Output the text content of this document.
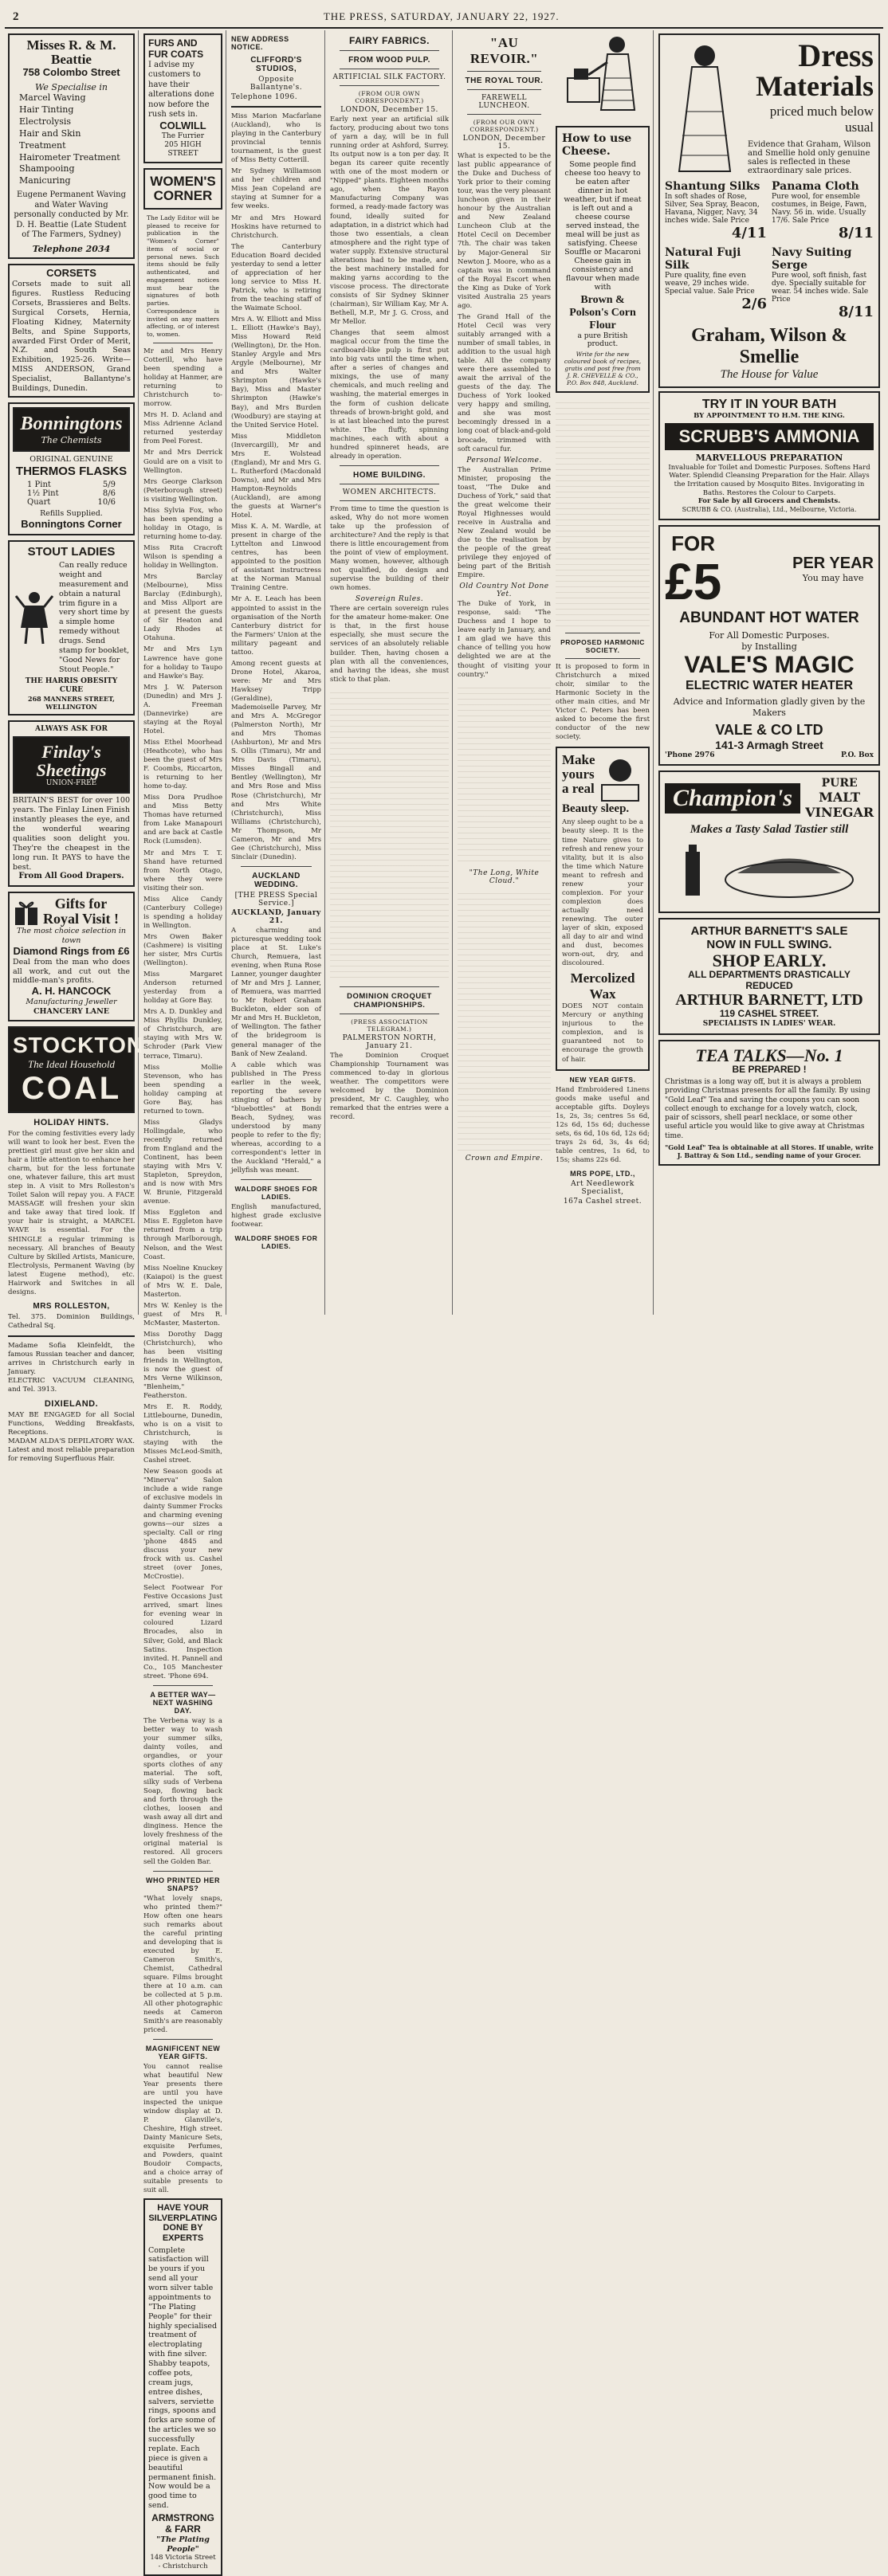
2	THE PRESS, SATURDAY, JANUARY 22, 1927.
Misses R. & M. Beattie
758 Colombo Street

We Specialise in

Marcel Waving

Hair Tinting

Electrolysis

Hair and Skin Treatment

Hairometer Treatment

Shampooing

Manicuring

Eugene Permanent Waving and Water Waving personally conducted by Mr. D. H. Beattie (Late Student of The Farmers, Sydney)

Telephone 2034

CORSETS

Corsets made to suit all figures. Rustless Reducing Corsets, Brassieres and Belts. Surgical Corsets, Hernia, Floating Kidney, Maternity Belts, and Spine Supports, awarded First Order of Merit, N.Z. and South Seas Exhibition, 1925-26. Write— MISS ANDERSON, Grand Specialist, Ballantyne's Buildings, Dunedin.

Bonningtons
The Chemists

ORIGINAL GENUINE

THERMOS FLASKS
1 Pint	5/9
1½ Pint	8/6
Quart	10/6

Refills Supplied.

Bonningtons Corner
STOUT LADIES

Can really reduce weight and measurement and obtain a natural trim figure in a very short time by a simple home remedy without drugs. Send stamp for booklet, "Good News for Stout People."

THE HARRIS OBESITY CURE

268 MANNERS STREET, WELLINGTON

ALWAYS ASK FOR

Finlay's Sheetings
UNION-FREE

BRITAIN'S BEST for over 100 years. The Finlay Linen Finish instantly pleases the eye, and the wonderful wearing qualities soon delight you. They're the cheapest in the long run. It PAYS to have the best.

From All Good Drapers.

Gifts for
Royal Visit !

The most choice selection in town

Diamond Rings from £6

Deal from the man who does all work, and cut out the middle-man's profits.

A. H. HANCOCK

Manufacturing Jeweller

CHANCERY LANE

STOCKTON
The Ideal Household
COAL
HOLIDAY HINTS.

For the coming festivities every lady will want to look her best. Even the prettiest girl must give her skin and hair a little attention to enhance her charm, but for the less fortunate one, whatever failure, this art must step in. A visit to Mrs Rolleston's Toilet Salon will repay you. A FACE MASSAGE will freshen your skin and take away that tired look. If your hair is straight, a MARCEL WAVE is essential. For the SHINGLE a regular trimming is necessary. All branches of Beauty Culture by Skilled Artists, Manicure, Electrolysis, Permanent Waving (by latest Eugene method), etc. Hairwork and Switches in all designs.

MRS ROLLESTON,

Tel. 375. Dominion Buildings, Cathedral Sq.

Madame Sofia Kleinfeldt, the famous Russian teacher and dancer, arrives in Christchurch early in January.

ELECTRIC VACUUM CLEANING, and Tel. 3913.

DIXIELAND.

MAY BE ENGAGED for all Social Functions, Wedding Breakfasts, Receptions.

MADAM ALDA'S DEPILATORY WAX. Latest and most reliable preparation for removing Superfluous Hair.

FURS AND FUR COATS

I advise my customers to have their alterations done now before the rush sets in.

COLWILL

The Furrier

205 HIGH STREET

WOMEN'S CORNER

The Lady Editor will be pleased to receive for publication in the "Women's Corner" items of social or personal news. Such items should be fully authenticated, and engagement notices must bear the signatures of both parties. Correspondence is invited on any matters affecting, or of interest to, women.

Mr and Mrs Henry Cotterill, who have been spending a holiday at Hanmer, are returning to Christchurch to-morrow.

Mrs H. D. Acland and Miss Adrienne Acland returned yesterday from Peel Forest.

Mr and Mrs Derrick Gould are on a visit to Wellington.

Mrs George Clarkson (Peterborough street) is visiting Wellington.

Miss Sylvia Fox, who has been spending a holiday in Otago, is returning home to-day.

Miss Rita Cracroft Wilson is spending a holiday in Wellington.

Mrs Barclay (Melbourne), Miss Barclay (Edinburgh), and Miss Allport are at present the guests of Sir Heaton and Lady Rhodes at Otahuna.

Mr and Mrs Lyn Lawrence have gone for a holiday to Taupo and Hawke's Bay.

Mrs J. W. Paterson (Dunedin) and Mrs J. A. Freeman (Dannevirke) are staying at the Royal Hotel.

Miss Ethel Moorhead (Heathcote), who has been the guest of Mrs F. Coombs, Riccarton, is returning to her home to-day.

Miss Dora Prudhoe and Miss Betty Thomas have returned from Lake Manapouri and are back at Castle Rock (Lumsden).

Mr and Mrs T. T. Shand have returned from North Otago, where they were visiting their son.

Miss Alice Candy (Canterbury College) is spending a holiday in Wellington.

Mrs Owen Baker (Cashmere) is visiting her sister, Mrs Curtis (Wellington).

Miss Margaret Anderson returned yesterday from a holiday at Gore Bay.

Mrs A. D. Dunkley and Miss Phyllis Dunkley, of Christchurch, are staying with Mrs W. Schroder (Park View terrace, Timaru).

Miss Mollie Stevenson, who has been spending a holiday camping at Gore Bay, has returned to town.

Miss Gladys Hollingdale, who recently returned from England and the Continent, has been staying with Mrs V. Stapleton, Spreydon, and is now with Mrs W. Brunie, Fitzgerald avenue.

Miss Eggleton and Miss E. Eggleton have returned from a trip through Marlborough, Nelson, and the West Coast.

Miss Noeline Knuckey (Kaiapoi) is the guest of Mrs W. E. Dale, Masterton.

Mrs W. Kenley is the guest of Mrs R. McMaster, Masterton.

Miss Dorothy Dagg (Christchurch), who has been visiting friends in Wellington, is now the guest of Mrs Verne Wilkinson, "Blenheim," Featherston.

Mrs E. R. Roddy, Littlebourne, Dunedin, who is on a visit to Christchurch, is staying with the Misses McLeod-Smith, Cashel street.

New Season goods at "Minerva" Salon include a wide range of exclusive models in dainty Summer Frocks and charming evening gowns—our sizes a specialty. Call or ring 'phone 4845 and discuss your new frock with us. Cashel street (over Jones, McCrostie).

Select Footwear For Festive Occasions Just arrived, smart lines for evening wear in coloured Lizard Brocades, also in Silver, Gold, and Black Satins. Inspection invited. H. Pannell and Co., 105 Manchester street. 'Phone 694.

A BETTER WAY—NEXT WASHING DAY.

The Verbena way is a better way to wash your summer silks, dainty voiles, and organdies, or your sports clothes of any material. The soft, silky suds of Verbena Soap, flowing back and forth through the clothes, loosen and wash away all dirt and dinginess. Hence the lovely freshness of the original material is restored. All grocers sell the Golden Bar.

WHO PRINTED HER SNAPS?

"What lovely snaps, who printed them?" How often one hears such remarks about the careful printing and developing that is executed by E. Cameron Smith's, Chemist, Cathedral square. Films brought there at 10 a.m. can be collected at 5 p.m. All other photographic needs at Cameron Smith's are reasonably priced.

MAGNIFICENT NEW YEAR GIFTS.

You cannot realise what beautiful New Year presents there are until you have inspected the unique window display at D. P. Glanville's, Cheshire, High street. Dainty Manicure Sets, exquisite Perfumes, and Powders, quaint Boudoir Compacts, and a choice array of suitable presents to suit all.

HAVE YOUR SILVERPLATING DONE BY EXPERTS

Complete satisfaction will be yours if you send all your worn silver table appointments to "The Plating People" for their highly specialised treatment of electroplating with fine silver. Shabby teapots, coffee pots, cream jugs, entree dishes, salvers, serviette rings, spoons and forks are some of the articles we so successfully replate. Each piece is given a beautiful permanent finish. Now would be a good time to send.

ARMSTRONG & FARR

"The Plating People"

148 Victoria Street - Christchurch

NEW ADDRESS NOTICE.

CLIFFORD'S STUDIOS,

Opposite Ballantyne's.

Telephone 1096.

Miss Marion Macfarlane (Auckland), who is playing in the Canterbury provincial tennis tournament, is the guest of Miss Betty Cotterill.

Mr Sydney Williamson and her children and Miss Jean Copeland are staying at Sumner for a few weeks.

Mr and Mrs Howard Hoskins have returned to Christchurch.

The Canterbury Education Board decided yesterday to send a letter of appreciation of her long service to Miss H. Patrick, who is retiring from the teaching staff of the Waimate School.

Mrs A. W. Elliott and Miss L. Elliott (Hawke's Bay), Miss Howard Reid (Wellington), Dr. the Hon. Stanley Argyle and Mrs Argyle (Melbourne), Mr and Mrs Walter Shrimpton (Hawke's Bay), Miss and Master Shrimpton (Hawke's Bay), and Mrs Burden (Woodbury) are staying at the United Service Hotel.

Miss Middleton (Invercargill), Mr and Mrs E. Wolstead (England), Mr and Mrs G. L. Rutherford (Macdonald Downs), and Mr and Mrs Hampton-Reynolds (Auckland), are among the guests at Warner's Hotel.

Miss K. A. M. Wardle, at present in charge of the Lyttelton and Linwood centres, has been appointed to the position of assistant instructress at the Norman Manual Training Centre.

Mr A. E. Leach has been appointed to assist in the organisation of the North Canterbury district for the Farmers' Union at the military pageant and tattoo.

Among recent guests at Drone Hotel, Akaroa, were: Mr and Mrs Hawksey Tripp (Geraldine), Mademoiselle Parvey, Mr and Mrs A. McGregor (Palmerston North), Mr and Mrs Thomas (Ashburton), Mr and Mrs S. Ollis (Timaru), Mr and Mrs Davis (Timaru), Misses Bingall and Bentley (Wellington), Mr and Mrs Rose and Miss Rose (Christchurch), Mr and Mrs White (Christchurch), Miss Williams (Christchurch), Mr Thompson, Mr Cameron, Mr and Mrs Gee (Christchurch), Miss Sinclair (Dunedin).

AUCKLAND WEDDING.

[THE PRESS Special Service.]

AUCKLAND, January 21.

A charming and picturesque wedding took place at St. Luke's Church, Remuera, last evening, when Runa Rose Lanner, younger daughter of Mr and Mrs J. Lanner, of Remuera, was married to Mr Robert Graham Buckleton, elder son of Mr and Mrs H. Buckleton, of Wellington. The father of the bridegroom is general manager of the Bank of New Zealand.

A cable which was published in The Press earlier in the week, reporting the severe stinging of bathers by "bluebottles" at Bondi Beach, Sydney, was understood by many people to refer to the fly; whereas, according to a correspondent's letter in the Auckland "Herald," a jellyfish was meant.

WALDORF SHOES FOR LADIES.

English manufactured, highest grade exclusive footwear.

WALDORF SHOES FOR LADIES.

FAIRY FABRICS.

FROM WOOD PULP.

ARTIFICIAL SILK FACTORY.

(FROM OUR OWN CORRESPONDENT.)

LONDON, December 15.

Early next year an artificial silk factory, producing about two tons of yarn a day, will be in full running order at Ashford, Surrey. Its output now is a ton per day. It began its career quite recently with one of the most modern or "Nipped" plants. Eighteen months ago, when the Rayon Manufacturing Company was formed, a ready-made factory was found, ideally suited for adaptation, in a district which had those two essentials, a clean atmosphere and the right type of water supply. Extensive structural alterations had to be made, and the best machinery installed for making yarns according to the viscose process. The directorate consists of Sir Sydney Skinner (chairman), Sir William Kay, Mr A. Bethell, M.P., Mr J. G. Cross, and Mr Mellor.

Changes that seem almost magical occur from the time the cardboard-like pulp is first put into big vats until the time when, after a series of changes and mixings, the use of many chemicals, and much reeling and washing, the material emerges in the form of cushion delicate threads of brown-bright gold, and is at last bleached into the purest white. The fluffy, spinning machines, each with about a hundred spinneret heads, are already in operation.

HOME BUILDING.

WOMEN ARCHITECTS.

From time to time the question is asked, Why do not more women take up the profession of architecture? And the reply is that there is little encouragement from the point of view of employment. Many women, however, although not qualified, do design and supervise the building of their own homes.

Sovereign Rules.

There are certain sovereign rules for the amateur home-maker. One is that, in the first house especially, she must secure the services of an absolutely reliable builder. Then, having chosen a plan with all the conveniences, and having the ideas, she must stick to that plan.

DOMINION CROQUET CHAMPIONSHIPS.

(PRESS ASSOCIATION TELEGRAM.)

PALMERSTON NORTH, January 21.

The Dominion Croquet Championship Tournament was commenced to-day in glorious weather. The competitors were welcomed by the Dominion president, Mr C. Caughley, who remarked that the entries were a record.

"AU REVOIR."

THE ROYAL TOUR.

FAREWELL LUNCHEON.

(FROM OUR OWN CORRESPONDENT.)

LONDON, December 15.

What is expected to be the last public appearance of the Duke and Duchess of York prior to their coming tour, was the very pleasant luncheon given in their honour by the Australian and New Zealand Luncheon Club at the Hotel Cecil on December 7th. The chair was taken by Major-General Sir Newton J. Moore, who as a captain was in command of the Royal Escort when the King as Duke of York visited Australia 25 years ago.

The Grand Hall of the Hotel Cecil was very suitably arranged with a number of small tables, in addition to the usual high table. All the company were there assembled to await the arrival of the guests of the day. The Duchess of York looked very happy and smiling, and she was most becomingly dressed in a long coat of black-and-gold brocade, trimmed with soft caracul fur.

Personal Welcome.

The Australian Prime Minister, proposing the toast, "The Duke and Duchess of York," said that the great welcome their Royal Highnesses would receive in Australia and New Zealand would be due to the realisation by the people of the great privilege they enjoyed of being part of the British Empire.

Old Country Not Done Yet.

The Duke of York, in response, said: "The Duchess and I hope to leave early in January, and I am glad we have this chance of telling you how delighted we are at the thought of visiting your country."

"The Long, White Cloud."

Crown and Empire.

How to use Cheese.

Some people find cheese too heavy to be eaten after dinner in hot weather, but if meat is left out and a cheese course served instead, the meal will be just as satisfying. Cheese Souffle or Macaroni Cheese gain in consistency and flavour when made with

Brown & Polson's Corn Flour

a pure British product.

Write for the new coloured book of recipes, gratis and post free from J. R. CHEVELLE & CO., P.O. Box 848, Auckland.

PROPOSED HARMONIC SOCIETY.

It is proposed to form in Christchurch a mixed choir, similar to the Harmonic Society in the other main cities, and Mr Victor C. Peters has been asked to become the first conductor of the new society.

Make
yours
a real
Beauty sleep.

Any sleep ought to be a beauty sleep. It is the time Nature gives to refresh and renew your vitality, but it is also the time which Nature meant to refresh and renew your complexion. For your complexion does actually need renewing. The outer layer of skin, exposed all day to air and wind and dust, becomes worn-out, dry, and discoloured.

Mercolized Wax

DOES NOT contain Mercury or anything injurious to the complexion, and is guaranteed not to encourage the growth of hair.

NEW YEAR GIFTS.

Hand Embroidered Linens goods make useful and acceptable gifts. Doyleys 1s, 2s, 3s; centres 5s 6d, 12s 6d, 15s 6d; duchesse sets, 6s 6d, 10s 6d, 12s 6d; trays 2s 6d, 3s, 4s 6d; table centres, 1s 6d, to 15s; shams 22s 6d.

MRS POPE, LTD.,

Art Needlework Specialist,

167a Cashel street.

Dress
Materials
priced much below usual

Evidence that Graham, Wilson and Smellie hold only genuine sales is reflected in these extraordinary sale prices.

Shantung Silks

In soft shades of Rose, Silver, Sea Spray, Beacon, Havana, Nigger, Navy, 34 inches wide. Sale Price

4/11

Panama Cloth

Pure wool, for ensemble costumes, in Beige, Fawn, Navy. 56 in. wide. Usually 17/6. Sale Price

8/11

Natural Fuji Silk

Pure quality, fine even weave, 29 inches wide. Special value. Sale Price

2/6

Navy Suiting Serge

Pure wool, soft finish, fast dye. Specially suitable for wear. 54 inches wide. Sale Price

8/11

Graham, Wilson & Smellie
The House for Value
TRY IT IN YOUR BATH

BY APPOINTMENT TO H.M. THE KING.

SCRUBB'S AMMONIA

MARVELLOUS PREPARATION

Invaluable for Toilet and Domestic Purposes. Softens Hard Water. Splendid Cleansing Preparation for the Hair. Allays the Irritation caused by Mosquito Bites. Invigorating in Baths. Restores the Colour to Carpets.

For Sale by all Grocers and Chemists.

SCRUBB & CO. (Australia), Ltd., Melbourne, Victoria.

FOR
£5	PER YEAR
You may have
ABUNDANT HOT WATER

For All Domestic Purposes.

by Installing

VALE'S MAGIC
ELECTRIC WATER HEATER

Advice and Information gladly given by the Makers

VALE & CO LTD
141-3 Armagh Street
'Phone 2976	P.O. Box
Champion's
PURE
MALT VINEGAR
Makes a Tasty Salad Tastier still
ARTHUR BARNETT'S SALE
NOW IN FULL SWING.
SHOP EARLY.
ALL DEPARTMENTS DRASTICALLY REDUCED
ARTHUR BARNETT, LTD
119 CASHEL STREET.

SPECIALISTS IN LADIES' WEAR.

TEA TALKS—No. 1
BE PREPARED !

Christmas is a long way off, but it is always a problem providing Christmas presents for all the family. By using "Gold Leaf" Tea and saving the coupons you can soon collect enough to exchange for a lovely watch, clock, pair of scissors, shell pearl necklace, or some other useful article you would like to give away at Christmas time.

"Gold Leaf" Tea is obtainable at all Stores. If unable, write J. Battray & Son Ltd., sending name of your Grocer.
